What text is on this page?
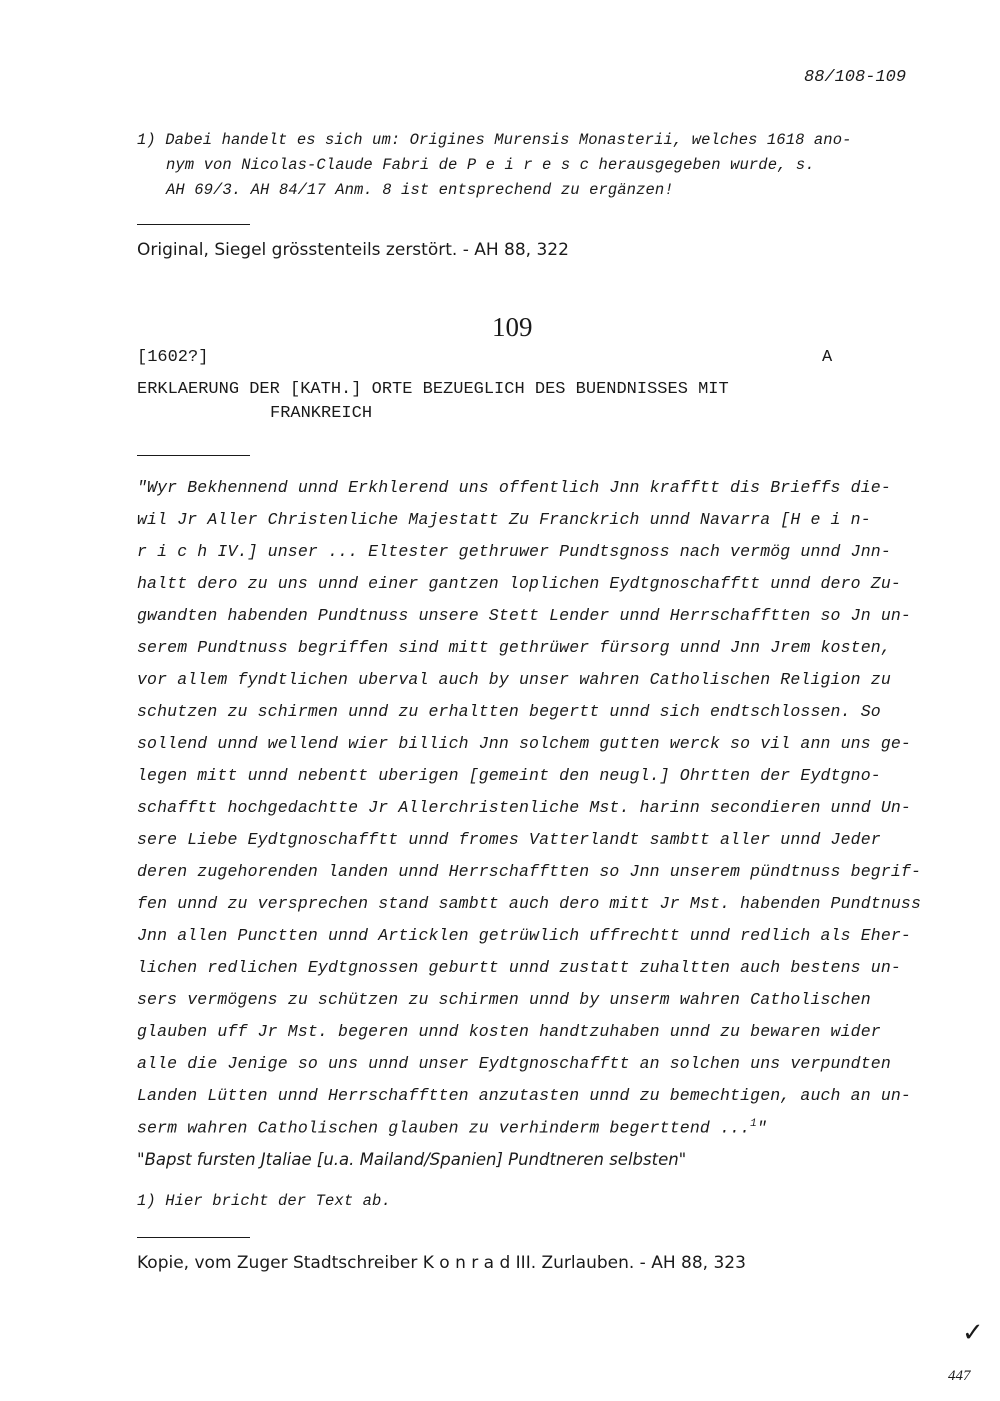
88/108-109
1) Dabei handelt es sich um: Origines Murensis Monasterii, welches 1618 ano-
nym von Nicolas-Claude Fabri de P e i r e s c herausgegeben wurde, s.
AH 69/3. AH 84/17 Anm. 8 ist entsprechend zu ergänzen!
Original, Siegel grösstenteils zerstört. - AH 88, 322
109
[1602?]	A
ERKLAERUNG DER [KATH.] ORTE BEZUEGLICH DES BUENDNISSES MIT
FRANKREICH
"Wyr Bekhennend unnd Erkhlerend uns offentlich Jnn krafftt dis Brieffs die-
wil Jr Aller Christenliche Majestatt Zu Franckrich unnd Navarra [H e i n-
r i c h IV.] unser ... Eltester gethruwer Pundtsgnoss nach vermög unnd Jnn-
haltt dero zu uns unnd einer gantzen loplichen Eydtgnoschafftt unnd dero Zu-
gwandten habenden Pundtnuss unsere Stett Lender unnd Herrschafftten so Jn un-
serem Pundtnuss begriffen sind mitt gethrüwer fürsorg unnd Jnn Jrem kosten,
vor allem fyndtlichen uberval auch by unser wahren Catholischen Religion zu
schutzen zu schirmen unnd zu erhaltten begertt unnd sich endtschlossen. So
sollend unnd wellend wier billich Jnn solchem gutten werck so vil ann uns ge-
legen mitt unnd nebentt uberigen [gemeint den neugl.] Ohrtten der Eydtgno-
schafftt hochgedachtte Jr Allerchristenliche Mst. harinn secondieren unnd Un-
sere Liebe Eydtgnoschafftt unnd fromes Vatterlandt sambtt aller unnd Jeder
deren zugehorenden landen unnd Herrschafftten so Jnn unserem pündtnuss begrif-
fen unnd zu versprechen stand sambtt auch dero mitt Jr Mst. habenden Pundtnuss
Jnn allen Punctten unnd Articklen getrüwlich uffrechtt unnd redlich als Eher-
lichen redlichen Eydtgnossen geburtt unnd zustatt zuhaltten auch bestens un-
sers vermögens zu schützen zu schirmen unnd by unserm wahren Catholischen
glauben uff Jr Mst. begeren unnd kosten handtzuhaben unnd zu bewaren wider
alle die Jenige so uns unnd unser Eydtgnoschafftt an solchen uns verpundten
Landen Lütten unnd Herrschafftten anzutasten unnd zu bemechtigen, auch an un-
serm wahren Catholischen glauben zu verhinderm begerttend ...$^1$"
"Bapst fursten Jtaliae [u.a. Mailand/Spanien] Pundtneren selbsten"
1) Hier bricht der Text ab.
Kopie, vom Zuger Stadtschreiber K o n r a d III. Zurlauben. - AH 88, 323
✓
447
